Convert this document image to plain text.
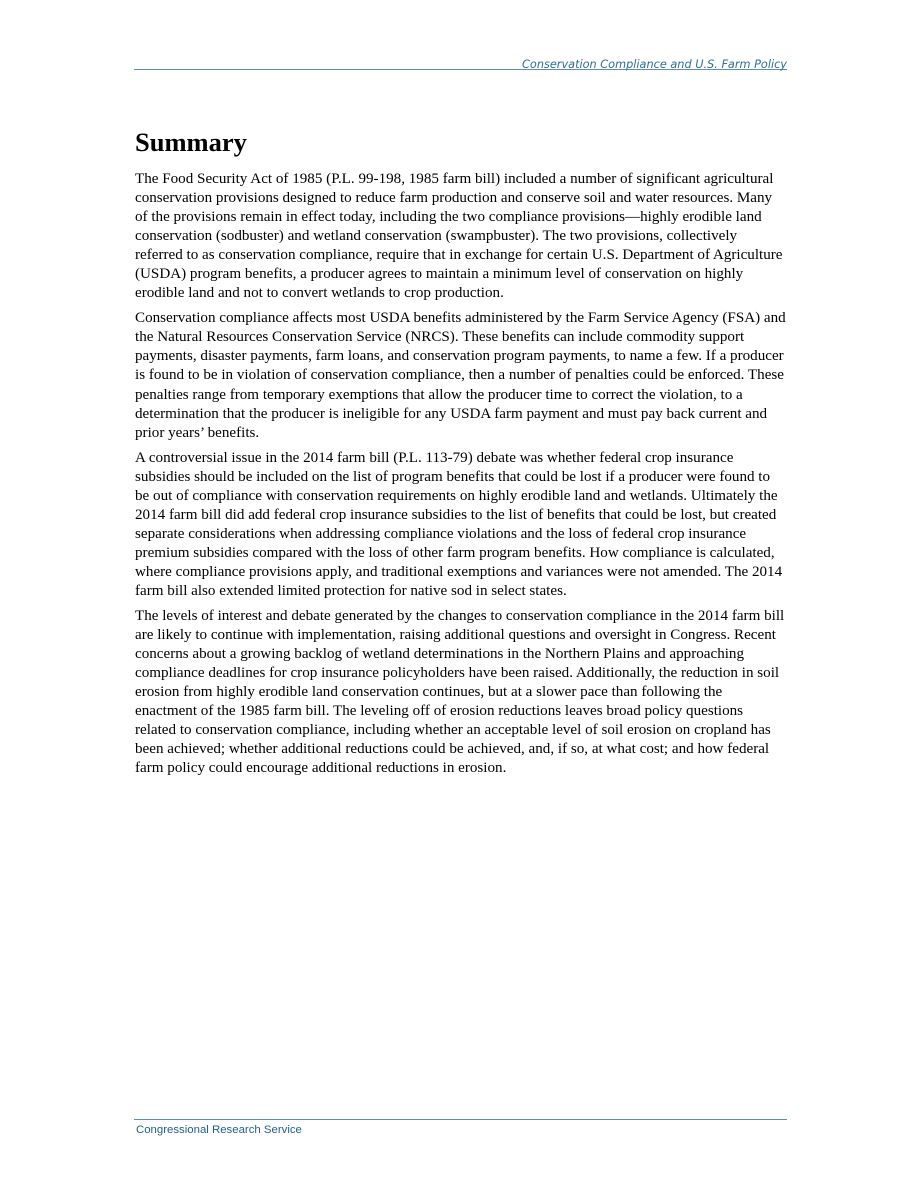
Conservation Compliance and U.S. Farm Policy
Summary

The Food Security Act of 1985 (P.L. 99-198, 1985 farm bill) included a number of significant agricultural conservation provisions designed to reduce farm production and conserve soil and water resources. Many of the provisions remain in effect today, including the two compliance provisions—highly erodible land conservation (sodbuster) and wetland conservation (swampbuster). The two provisions, collectively referred to as conservation compliance, require that in exchange for certain U.S. Department of Agriculture (USDA) program benefits, a producer agrees to maintain a minimum level of conservation on highly erodible land and not to convert wetlands to crop production.

Conservation compliance affects most USDA benefits administered by the Farm Service Agency (FSA) and the Natural Resources Conservation Service (NRCS). These benefits can include commodity support payments, disaster payments, farm loans, and conservation program payments, to name a few. If a producer is found to be in violation of conservation compliance, then a number of penalties could be enforced. These penalties range from temporary exemptions that allow the producer time to correct the violation, to a determination that the producer is ineligible for any USDA farm payment and must pay back current and prior years’ benefits.

A controversial issue in the 2014 farm bill (P.L. 113-79) debate was whether federal crop insurance subsidies should be included on the list of program benefits that could be lost if a producer were found to be out of compliance with conservation requirements on highly erodible land and wetlands. Ultimately the 2014 farm bill did add federal crop insurance subsidies to the list of benefits that could be lost, but created separate considerations when addressing compliance violations and the loss of federal crop insurance premium subsidies compared with the loss of other farm program benefits. How compliance is calculated, where compliance provisions apply, and traditional exemptions and variances were not amended. The 2014 farm bill also extended limited protection for native sod in select states.

The levels of interest and debate generated by the changes to conservation compliance in the 2014 farm bill are likely to continue with implementation, raising additional questions and oversight in Congress. Recent concerns about a growing backlog of wetland determinations in the Northern Plains and approaching compliance deadlines for crop insurance policyholders have been raised. Additionally, the reduction in soil erosion from highly erodible land conservation continues, but at a slower pace than following the enactment of the 1985 farm bill. The leveling off of erosion reductions leaves broad policy questions related to conservation compliance, including whether an acceptable level of soil erosion on cropland has been achieved; whether additional reductions could be achieved, and, if so, at what cost; and how federal farm policy could encourage additional reductions in erosion.

Congressional Research Service
